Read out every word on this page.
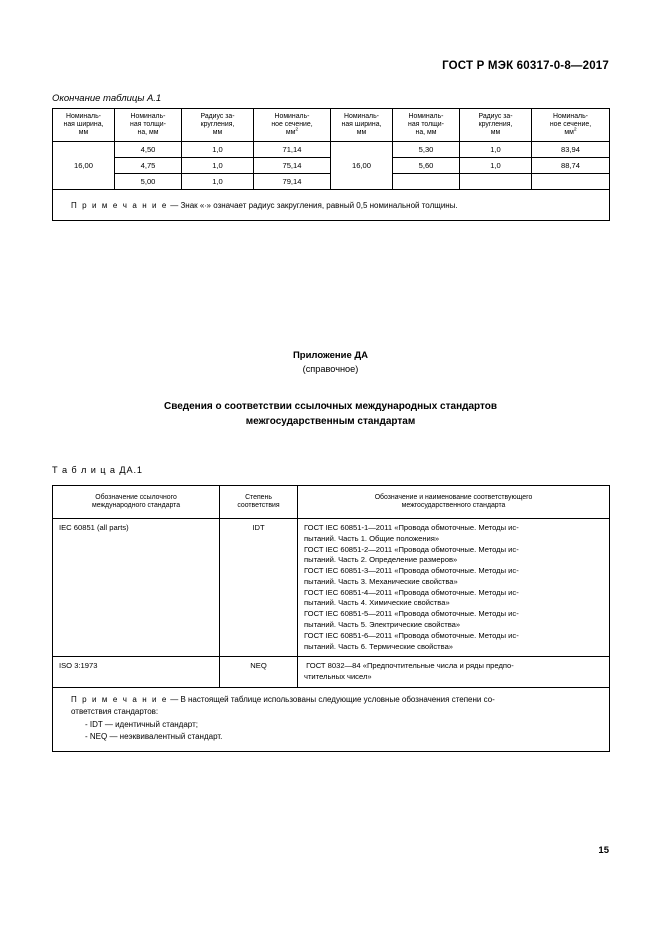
ГОСТ Р МЭК 60317-0-8—2017
Окончание таблицы А.1
Номиналь-
ная ширина,
мм	Номиналь-
ная толщи-
на, мм	Радиус за-
кругления,
мм	Номиналь-
ное сечение,
$мм^2$	Номиналь-
ная ширина,
мм	Номиналь-
ная толщи-
на, мм	Радиус за-
кругления,
мм	Номиналь-
ное сечение,
$мм^2$
16,00	4,50	1,0	71,14	16,00	5,30	1,0	83,94
	4,75	1,0	75,14		5,60	1,0	88,74
	5,00	1,0	79,14				
П р и м е ч а н и е — Знак «∙» означает радиус закругления, равный 0,5 номинальной толщины.							
Приложение ДА
(справочное)
Сведения о соответствии ссылочных международных стандартов
межгосударственным стандартам
Т а б л и ц а ДА.1
Обозначение ссылочного
международного стандарта	Степень
соответствия	Обозначение и наименование соответствующего
межгосударственного стандарта
IEC 60851 (all parts)	IDT	ГОСТ IEC 60851-1—2011 «Провода обмоточные. Методы ис-
пытаний. Часть 1. Общие положения»
ГОСТ IEC 60851-2—2011 «Провода обмоточные. Методы ис-
пытаний. Часть 2. Определение размеров»
ГОСТ IEC 60851-3—2011 «Провода обмоточные. Методы ис-
пытаний. Часть 3. Механические свойства»
ГОСТ IEC 60851-4—2011 «Провода обмоточные. Методы ис-
пытаний. Часть 4. Химические свойства»
ГОСТ IEC 60851-5—2011 «Провода обмоточные. Методы ис-
пытаний. Часть 5. Электрические свойства»
ГОСТ IEC 60851-6—2011 «Провода обмоточные. Методы ис-
пытаний. Часть 6. Термические свойства»
ISO 3:1973	NEQ	ГОСТ 8032—84 «Предпочтительные числа и ряды предпо-
чтительных чисел»
П р и м е ч а н и е — В настоящей таблице использованы следующие условные обозначения степени со-
ответствия стандартов:
- IDT — идентичный стандарт;
- NEQ — неэквивалентный стандарт.		
15
